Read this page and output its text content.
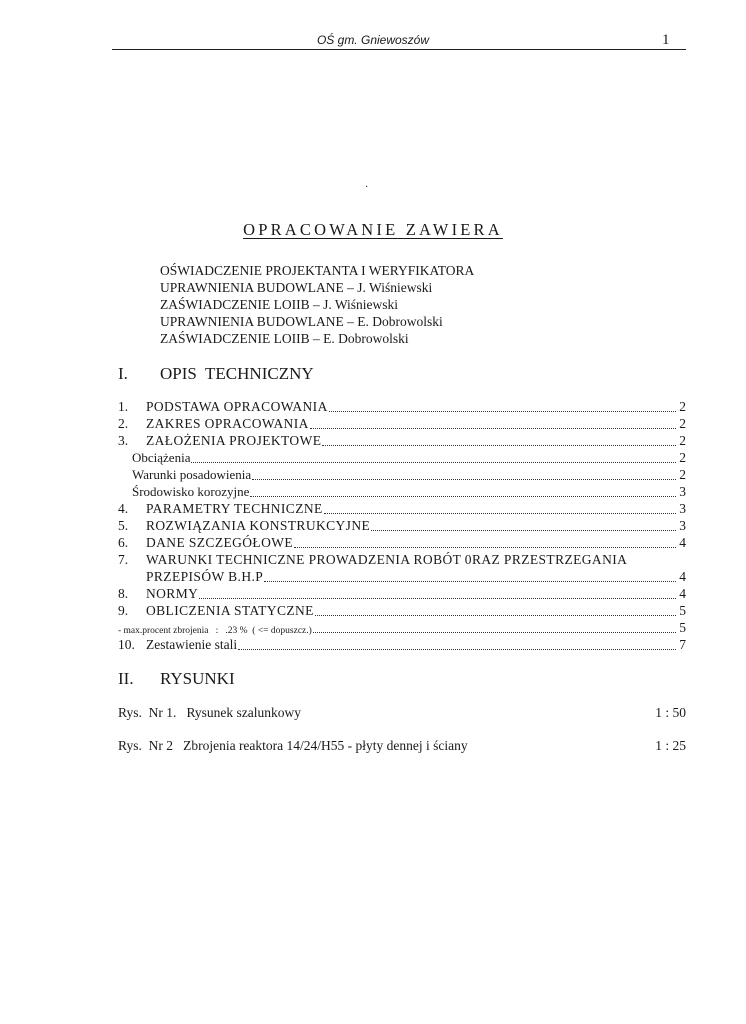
OŚ gm. Gniewoszów	1
·
OPRACOWANIE ZAWIERA
OŚWIADCZENIE PROJEKTANTA I WERYFIKATORA
UPRAWNIENIA BUDOWLANE – J. Wiśniewski
ZAŚWIADCZENIE LOIIB – J. Wiśniewski
UPRAWNIENIA BUDOWLANE – E. Dobrowolski
ZAŚWIADCZENIE LOIIB – E. Dobrowolski
I. OPIS  TECHNICZNY
1.	PODSTAWA OPRACOWANIA	2
2.	ZAKRES OPRACOWANIA	2
3.	ZAŁOŻENIA PROJEKTOWE	2
Obciążenia	2
Warunki posadowienia	2
Środowisko korozyjne	3
4.	PARAMETRY TECHNICZNE	3
5.	ROZWIĄZANIA KONSTRUKCYJNE	3
6.	DANE SZCZEGÓŁOWE	4
7.	WARUNKI TECHNICZNE PROWADZENIA ROBÓT 0RAZ PRZESTRZEGANIA
PRZEPISÓW B.H.P	4
8.	NORMY	4
9.	OBLICZENIA STATYCZNE	5
- max.procent zbrojenia   :   .23 %  ( <= dopuszcz.)	5
10. Zestawienie stali	7
II. RYSUNKI
Rys.  Nr 1.   Rysunek szalunkowy	1 : 50
Rys.  Nr 2   Zbrojenia reaktora 14/24/H55 - płyty dennej i ściany	1 : 25
